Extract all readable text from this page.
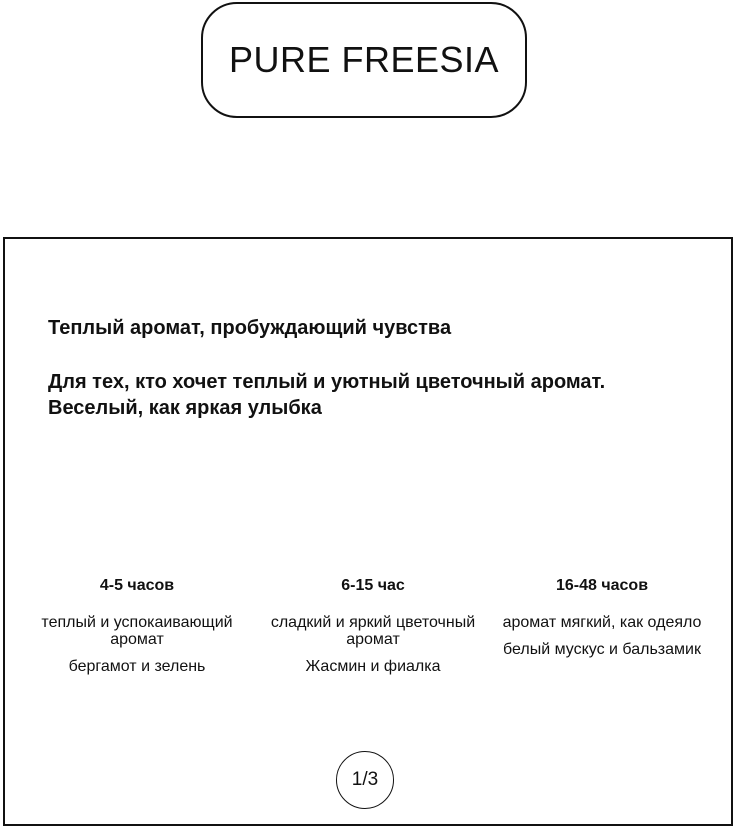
PURE FREESIA
Теплый аромат, пробуждающий чувства
Для тех, кто хочет теплый и уютный цветочный аромат. Веселый, как яркая улыбка
4-5 часов
теплый и успокаивающий аромат
бергамот и зелень
6-15 час
сладкий и яркий цветочный аромат
Жасмин и фиалка
16-48 часов
аромат мягкий, как одеяло
белый мускус и бальзамик
1/3
